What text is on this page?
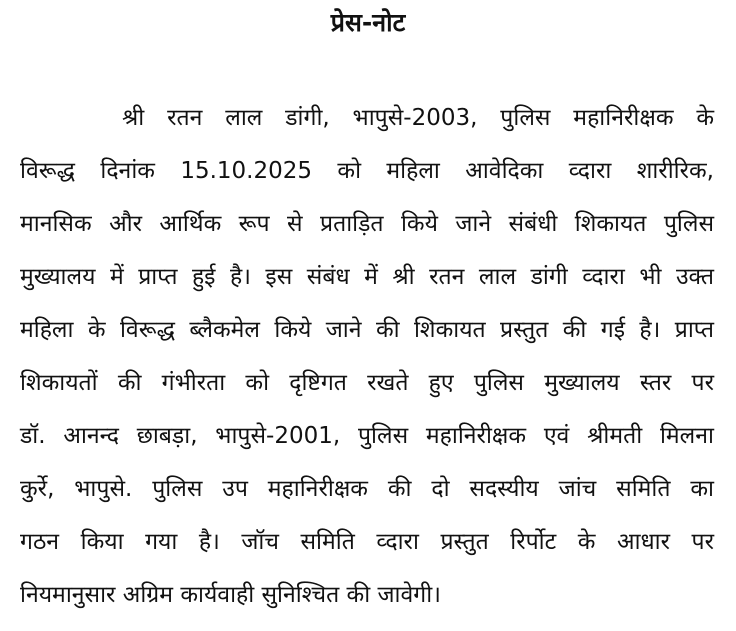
प्रेस-नोट
श्री रतन लाल डांगी, भापुसे-2003, पुलिस महानिरीक्षक के
विरूद्ध दिनांक 15.10.2025 को महिला आवेदिका व्दारा शारीरिक,
मानसिक और आर्थिक रूप से प्रताड़ित किये जाने संबंधी शिकायत पुलिस
मुख्यालय में प्राप्त हुई है। इस संबंध में श्री रतन लाल डांगी व्दारा भी उक्त
महिला के विरूद्ध ब्लैकमेल किये जाने की शिकायत प्रस्तुत की गई है। प्राप्त
शिकायतों की गंभीरता को दृष्टिगत रखते हुए पुलिस मुख्यालय स्तर पर
डॉ. आनन्द छाबड़ा, भापुसे-2001, पुलिस महानिरीक्षक एवं श्रीमती मिलना
कुर्रे, भापुसे. पुलिस उप महानिरीक्षक की दो सदस्यीय जांच समिति का
गठन किया गया है। जॉच समिति व्दारा प्रस्तुत रिर्पोट के आधार पर
नियमानुसार अग्रिम कार्यवाही सुनिश्चित की जावेगी।
